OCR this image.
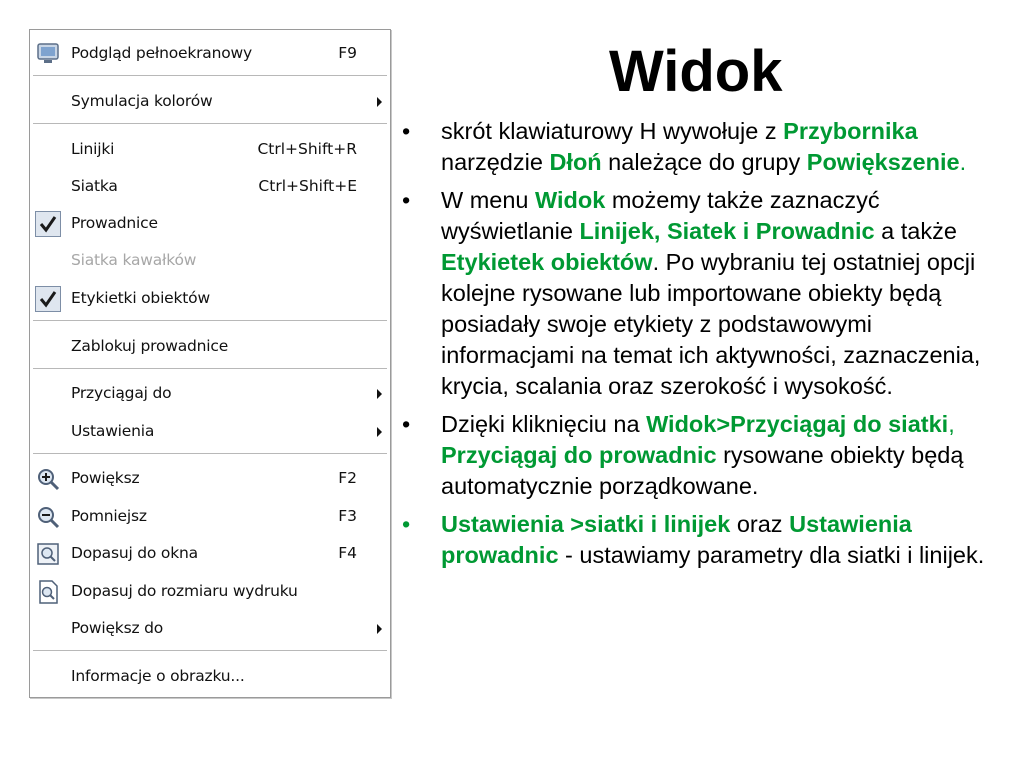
Podgląd pełnoekranowy	F9
Symulacja kolorów
Linijki	Ctrl+Shift+R
Siatka	Ctrl+Shift+E
Prowadnice
Siatka kawałków
Etykietki obiektów
Zablokuj prowadnice
Przyciągaj do
Ustawienia
Powiększ	F2
Pomniejsz	F3
Dopasuj do okna	F4
Dopasuj do rozmiaru wydruku
Powiększ do
Informacje o obrazku...
Widok
•	skrót klawiaturowy H wywołuje z Przybornika narzędzie Dłoń należące do grupy Powiększenie.
•	W menu Widok możemy także zaznaczyć wyświetlanie Linijek, Siatek i Prowadnic a także Etykietek obiektów. Po wybraniu tej ostatniej opcji kolejne rysowane lub importowane obiekty będą posiadały swoje etykiety z podstawowymi informacjami na temat ich aktywności, zaznaczenia, krycia, scalania oraz szerokość i wysokość.
•	Dzięki kliknięciu na Widok>Przyciągaj do siatki, Przyciągaj do prowadnic rysowane obiekty będą automatycznie porządkowane.
•	Ustawienia >siatki i linijek oraz Ustawienia prowadnic - ustawiamy parametry dla siatki i linijek.
